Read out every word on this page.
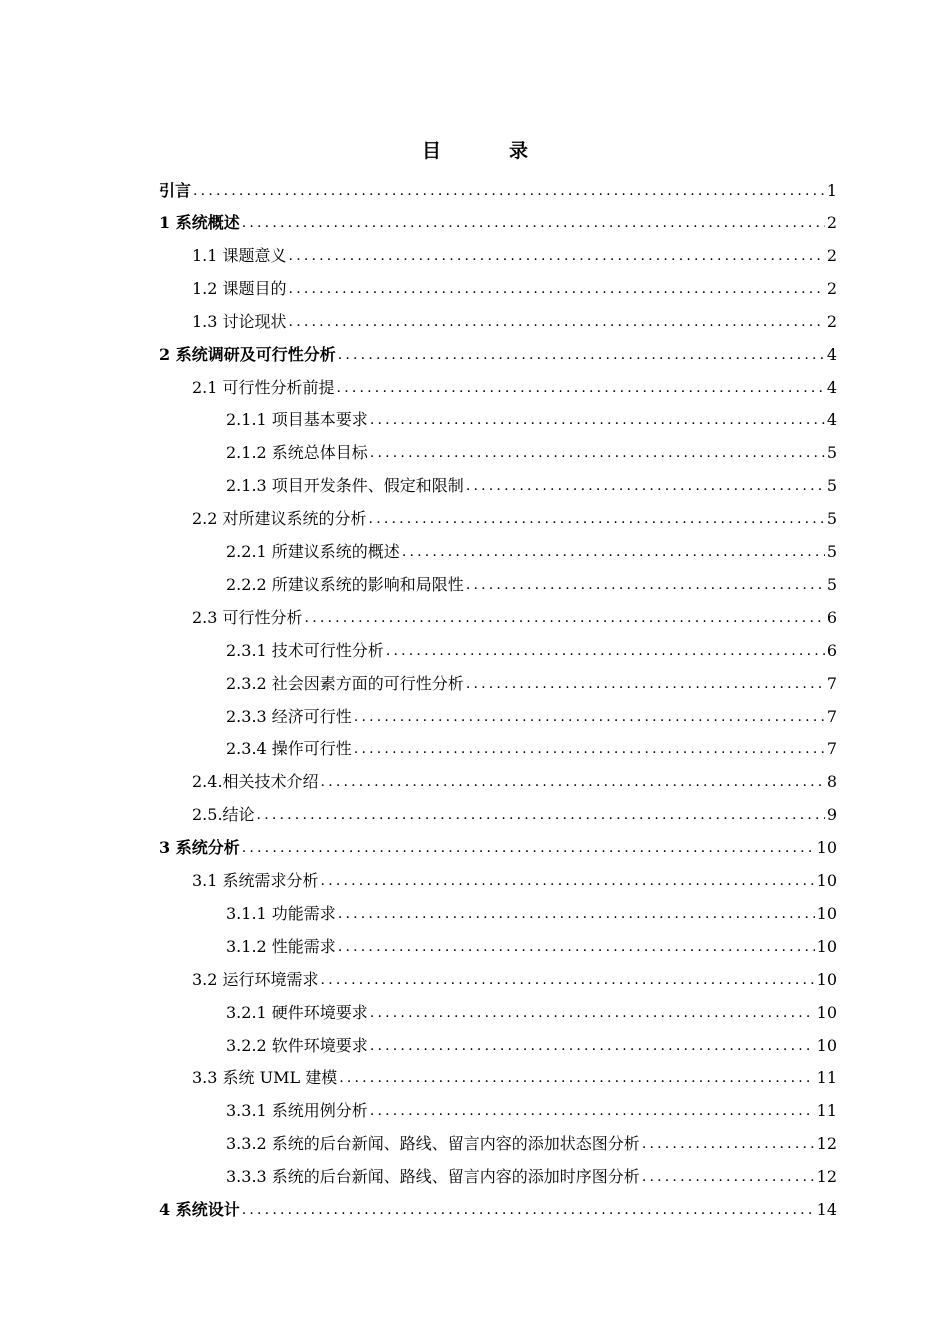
目	录
引言 .....	1
1 系统概述 .....	2
1.1 课题意义 .....	2
1.2 课题目的 .....	2
1.3 讨论现状 .....	2
2 系统调研及可行性分析 .....	4
2.1 可行性分析前提 .....	4
2.1.1 项目基本要求 .....	4
2.1.2 系统总体目标 .....	5
2.1.3 项目开发条件、假定和限制 .....	5
2.2 对所建议系统的分析 .....	5
2.2.1 所建议系统的概述 .....	5
2.2.2 所建议系统的影响和局限性 .....	5
2.3 可行性分析 .....	6
2.3.1 技术可行性分析 .....	6
2.3.2 社会因素方面的可行性分析 .....	7
2.3.3 经济可行性 .....	7
2.3.4 操作可行性 .....	7
2.4.相关技术介绍 .....	8
2.5.结论 .....	9
3 系统分析 .....	10
3.1 系统需求分析 .....	10
3.1.1 功能需求 .....	10
3.1.2 性能需求 .....	10
3.2 运行环境需求 .....	10
3.2.1 硬件环境要求 .....	10
3.2.2 软件环境要求 .....	10
3.3 系统 UML 建模 .....	11
3.3.1 系统用例分析 .....	11
3.3.2 系统的后台新闻、路线、留言内容的添加状态图分析 .....	12
3.3.3 系统的后台新闻、路线、留言内容的添加时序图分析 .....	12
4 系统设计 .....	14
